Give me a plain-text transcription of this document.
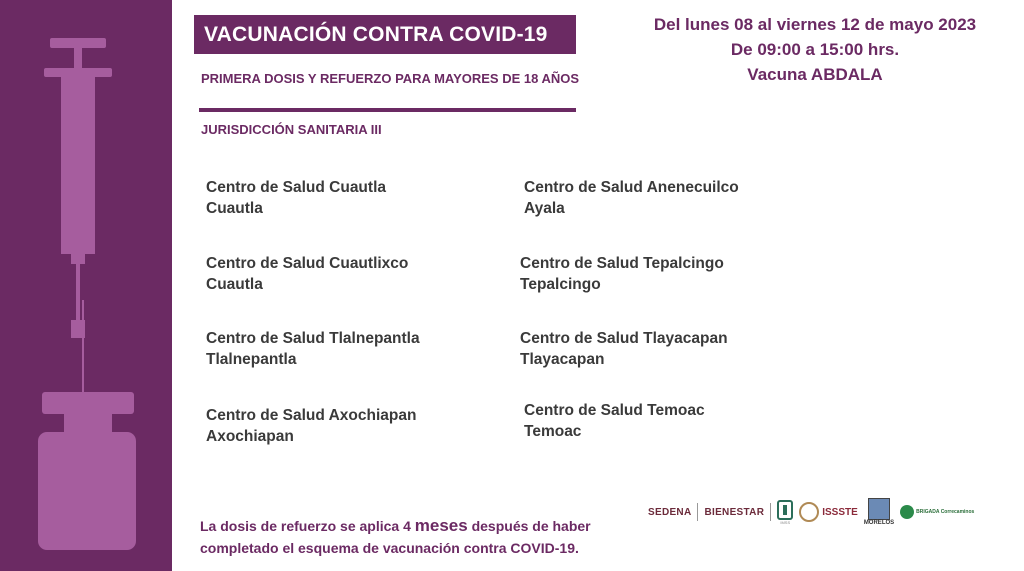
VACUNACIÓN CONTRA COVID-19
PRIMERA DOSIS Y REFUERZO PARA MAYORES DE 18 AÑOS
JURISDICCIÓN SANITARIA III
Del lunes 08 al viernes 12 de mayo 2023
De 09:00 a 15:00 hrs.
Vacuna ABDALA
Centro de Salud Cuautla
Cuautla
Centro de Salud Cuautlixco
Cuautla
Centro de Salud Tlalnepantla
Tlalnepantla
Centro de Salud Axochiapan
Axochiapan
Centro de Salud Anenecuilco
Ayala
Centro de Salud Tepalcingo
Tepalcingo
Centro de Salud Tlayacapan
Tlayacapan
Centro de Salud Temoac
Temoac
La dosis de refuerzo se aplica 4 meses después de haber
completado el esquema de vacunación contra COVID-19.
SEDENA BIENESTAR
IMSS
ISSSTE
MORELOS
BRIGADA Correcaminos
